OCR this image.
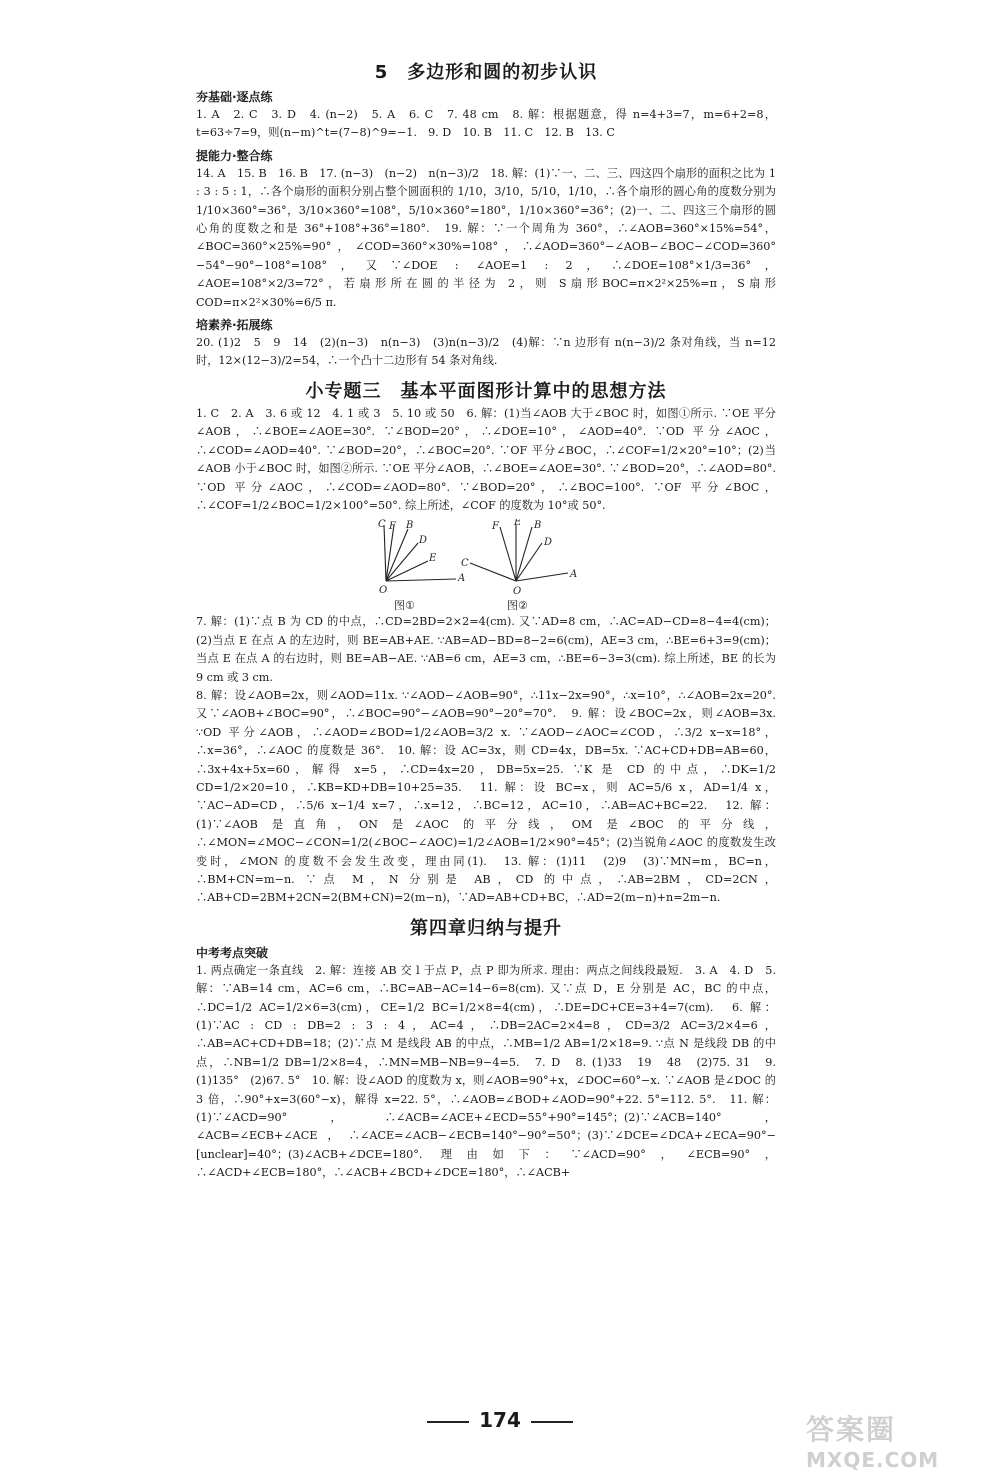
5　多边形和圆的初步认识
夯基础·逐点练

1. A　2. C　3. D　4. (n−2)　5. A　6. C　7. 48 cm　8. 解：根据题意，得 n=4+3=7，m=6+2=8，t=63÷7=9，则(n−m)^t=(7−8)^9=−1.　9. D　10. B　11. C　12. B　13. C

提能力·整合练

14. A　15. B　16. B　17. (n−3)　(n−2)　n(n−3)/2　18. 解：(1)∵一、二、三、四这四个扇形的面积之比为 1 : 3 : 5 : 1，∴各个扇形的面积分别占整个圆面积的 1/10，3/10，5/10，1/10，∴各个扇形的圆心角的度数分别为 1/10×360°=36°，3/10×360°=108°，5/10×360°=180°，1/10×360°=36°；(2)一、二、四这三个扇形的圆心角的度数之和是 36°+108°+36°=180°.　19. 解：∵一个周角为 360°，∴∠AOB=360°×15%=54°，∠BOC=360°×25%=90°，∠COD=360°×30%=108°，∴∠AOD=360°−∠AOB−∠BOC−∠COD=360°−54°−90°−108°=108°，又∵∠DOE : ∠AOE=1 : 2，∴∠DOE=108°×1/3=36°，∠AOE=108°×2/3=72°，若扇形所在圆的半径为 2，则 S扇形BOC=π×2²×25%=π，S扇形COD=π×2²×30%=6/5 π.

培素养·拓展练

20. (1)2　5　9　14　(2)(n−3)　n(n−3)　(3)n(n−3)/2　(4)解：∵n 边形有 n(n−3)/2 条对角线，当 n=12 时，12×(12−3)/2=54，∴一个凸十二边形有 54 条对角线.

小专题三　基本平面图形计算中的思想方法

1. C　2. A　3. 6 或 12　4. 1 或 3　5. 10 或 50　6. 解：(1)当∠AOB 大于∠BOC 时，如图①所示. ∵OE 平分∠AOB，∴∠BOE=∠AOE=30°. ∵∠BOD=20°，∴∠DOE=10°，∠AOD=40°. ∵OD 平分∠AOC，∴∠COD=∠AOD=40°. ∵∠BOD=20°，∴∠BOC=20°. ∵OF 平分∠BOC，∴∠COF=1/2×20°=10°；(2)当∠AOB 小于∠BOC 时，如图②所示. ∵OE 平分∠AOB，∴∠BOE=∠AOE=30°. ∵∠BOD=20°，∴∠AOD=80°. ∵OD 平分∠AOC，∴∠COD=∠AOD=80°. ∵∠BOD=20°，∴∠BOC=100°. ∵OF 平分∠BOC，∴∠COF=1/2∠BOC=1/2×100°=50°. 综上所述，∠COF 的度数为 10°或 50°.

C F B
D
E
A
O
图①
F E B
D
C
A
O
图②

7. 解：(1)∵点 B 为 CD 的中点，∴CD=2BD=2×2=4(cm). 又∵AD=8 cm，∴AC=AD−CD=8−4=4(cm)；(2)当点 E 在点 A 的左边时，则 BE=AB+AE. ∵AB=AD−BD=8−2=6(cm)，AE=3 cm，∴BE=6+3=9(cm)；当点 E 在点 A 的右边时，则 BE=AB−AE. ∵AB=6 cm，AE=3 cm，∴BE=6−3=3(cm). 综上所述，BE 的长为 9 cm 或 3 cm.
8. 解：设∠AOB=2x，则∠AOD=11x. ∵∠AOD−∠AOB=90°，∴11x−2x=90°，∴x=10°，∴∠AOB=2x=20°. 又∵∠AOB+∠BOC=90°，∴∠BOC=90°−∠AOB=90°−20°=70°.　9. 解：设∠BOC=2x，则∠AOB=3x. ∵OD 平分∠AOB，∴∠AOD=∠BOD=1/2∠AOB=3/2 x. ∵∠AOD−∠AOC=∠COD，∴3/2 x−x=18°，∴x=36°，∴∠AOC 的度数是 36°.　10. 解：设 AC=3x，则 CD=4x，DB=5x. ∵AC+CD+DB=AB=60，∴3x+4x+5x=60，解得 x=5，∴CD=4x=20，DB=5x=25. ∵K 是 CD 的中点，∴DK=1/2 CD=1/2×20=10，∴KB=KD+DB=10+25=35.　11. 解：设 BC=x，则 AC=5/6 x，AD=1/4 x，∵AC−AD=CD，∴5/6 x−1/4 x=7，∴x=12，∴BC=12，AC=10，∴AB=AC+BC=22.　12. 解：(1)∵∠AOB 是直角，ON 是∠AOC 的平分线，OM 是∠BOC 的平分线，∴∠MON=∠MOC−∠CON=1/2(∠BOC−∠AOC)=1/2∠AOB=1/2×90°=45°；(2)当锐角∠AOC 的度数发生改变时，∠MON 的度数不会发生改变，理由同(1).　13. 解：(1)11　(2)9　(3)∵MN=m，BC=n，∴BM+CN=m−n. ∵点 M，N 分别是 AB，CD 的中点，∴AB=2BM，CD=2CN，∴AB+CD=2BM+2CN=2(BM+CN)=2(m−n)，∵AD=AB+CD+BC，∴AD=2(m−n)+n=2m−n.

第四章归纳与提升
中考考点突破

1. 两点确定一条直线　2. 解：连接 AB 交 l 于点 P，点 P 即为所求. 理由：两点之间线段最短.　3. A　4. D　5. 解：∵AB=14 cm，AC=6 cm，∴BC=AB−AC=14−6=8(cm). 又∵点 D，E 分别是 AC，BC 的中点，∴DC=1/2 AC=1/2×6=3(cm)，CE=1/2 BC=1/2×8=4(cm)，∴DE=DC+CE=3+4=7(cm).　6. 解：(1)∵AC : CD : DB=2 : 3 : 4，AC=4，∴DB=2AC=2×4=8，CD=3/2 AC=3/2×4=6，∴AB=AC+CD+DB=18；(2)∵点 M 是线段 AB 的中点，∴MB=1/2 AB=1/2×18=9. ∵点 N 是线段 DB 的中点，∴NB=1/2 DB=1/2×8=4，∴MN=MB−NB=9−4=5.　7. D　8. (1)33　19　48　(2)75. 31　9. (1)135°　(2)67. 5°　10. 解：设∠AOD 的度数为 x，则∠AOB=90°+x，∠DOC=60°−x. ∵∠AOB 是∠DOC 的 3 倍，∴90°+x=3(60°−x)，解得 x=22. 5°，∴∠AOB=∠BOD+∠AOD=90°+22. 5°=112. 5°.　11. 解：(1)∵∠ACD=90°，∴∠ACB=∠ACE+∠ECD=55°+90°=145°；(2)∵∠ACB=140°，∠ACB=∠ECB+∠ACE，∴∠ACE=∠ACB−∠ECB=140°−90°=50°；(3)∵∠DCE=∠DCA+∠ECA=90°−[unclear]=40°；(3)∠ACB+∠DCE=180°. 理由如下：∵∠ACD=90°，∠ECB=90°，∴∠ACD+∠ECB=180°，∴∠ACB+∠BCD+∠DCE=180°，∴∠ACB+

174	答案圈
MXQE.COM
